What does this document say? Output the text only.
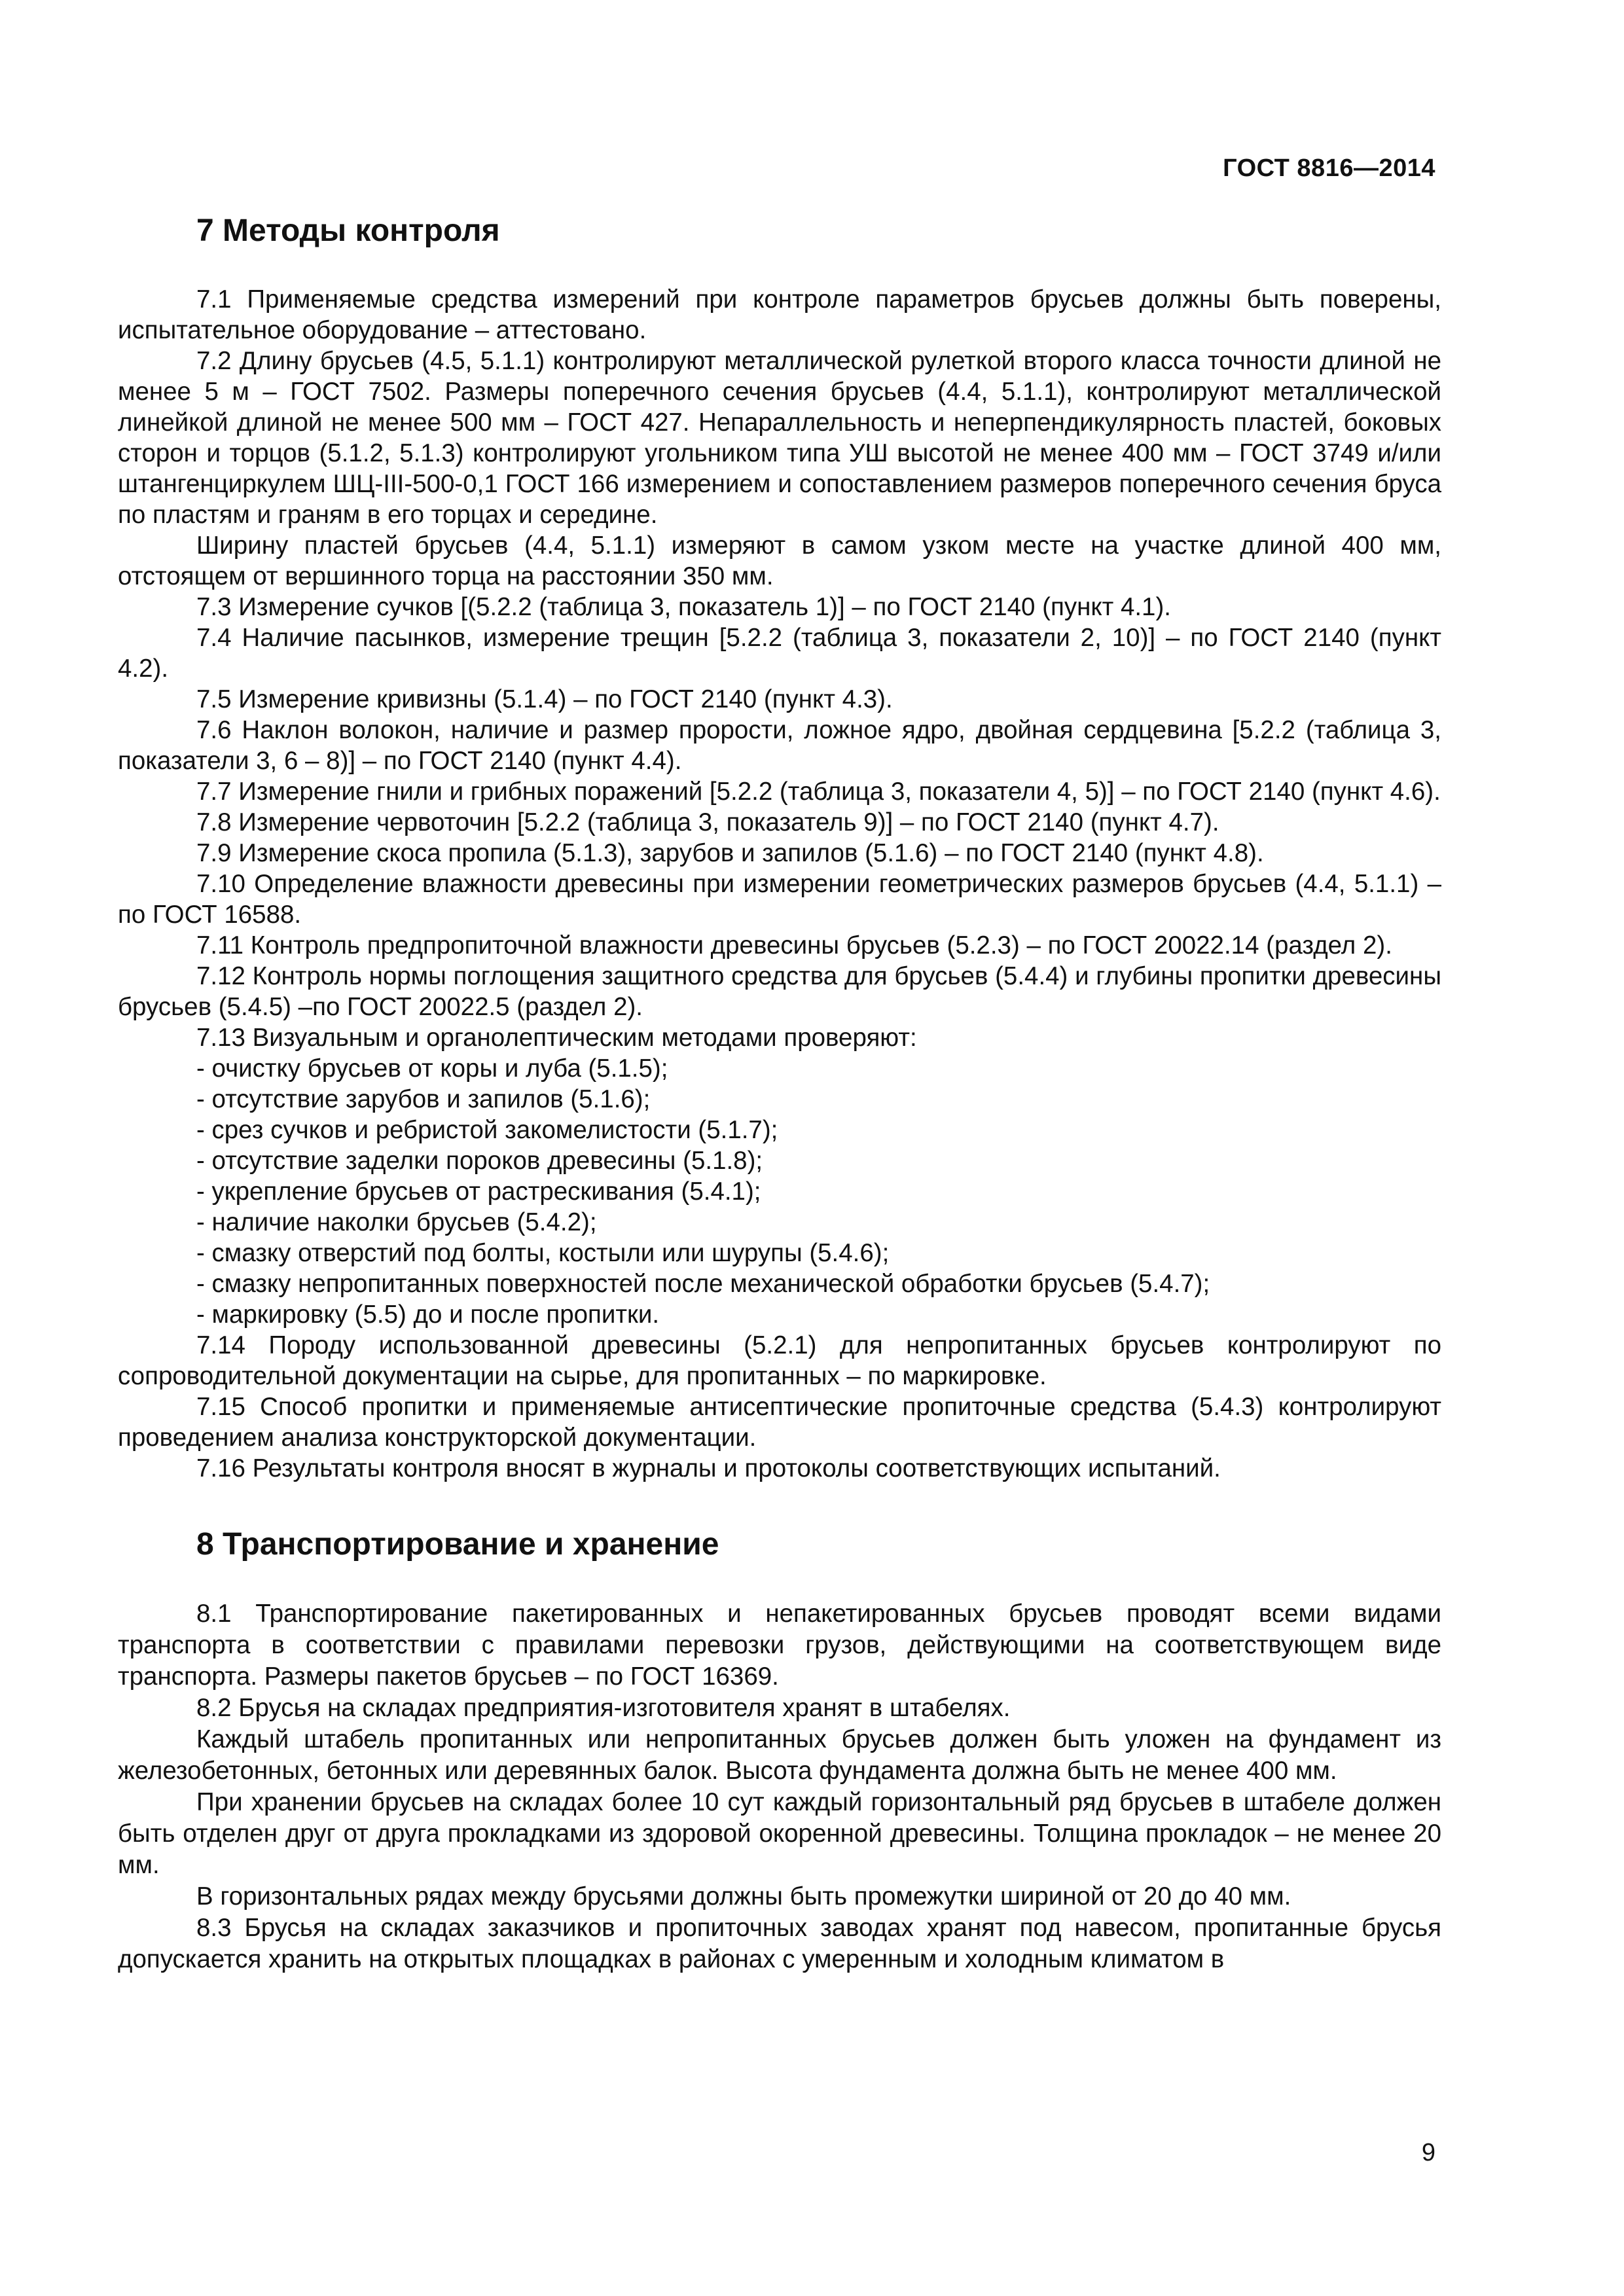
ГОСТ 8816—2014
7 Методы контроля

7.1 Применяемые средства измерений при контроле параметров брусьев должны быть поверены, испытательное оборудование – аттестовано.

7.2 Длину брусьев (4.5, 5.1.1) контролируют металлической рулеткой второго класса точности длиной не менее 5 м – ГОСТ 7502. Размеры поперечного сечения брусьев (4.4, 5.1.1), контролируют металлической линейкой длиной не менее 500 мм – ГОСТ 427. Непараллельность и неперпендикулярность пластей, боковых сторон и торцов (5.1.2, 5.1.3) контролируют угольником типа УШ высотой не менее 400 мм – ГОСТ 3749 и/или штангенциркулем ШЦ-III-500-0,1 ГОСТ 166 измерением и сопоставлением размеров поперечного сечения бруса по пластям и граням в его торцах и середине.

Ширину пластей брусьев (4.4, 5.1.1) измеряют в самом узком месте на участке длиной 400 мм, отстоящем от вершинного торца на расстоянии 350 мм.

7.3 Измерение сучков [(5.2.2 (таблица 3, показатель 1)] – по ГОСТ 2140 (пункт 4.1).

7.4 Наличие пасынков, измерение трещин [5.2.2 (таблица 3, показатели 2, 10)] – по ГОСТ 2140 (пункт 4.2).

7.5 Измерение кривизны (5.1.4) – по ГОСТ 2140 (пункт 4.3).

7.6 Наклон волокон, наличие и размер прорости, ложное ядро, двойная сердцевина [5.2.2 (таблица 3, показатели 3, 6 – 8)] – по ГОСТ 2140 (пункт 4.4).

7.7 Измерение гнили и грибных поражений [5.2.2 (таблица 3, показатели 4, 5)] – по ГОСТ 2140 (пункт 4.6).

7.8 Измерение червоточин [5.2.2 (таблица 3, показатель 9)] – по ГОСТ 2140 (пункт 4.7).

7.9 Измерение скоса пропила (5.1.3), зарубов и запилов (5.1.6) – по ГОСТ 2140 (пункт 4.8).

7.10 Определение влажности древесины при измерении геометрических размеров брусьев (4.4, 5.1.1) – по ГОСТ 16588.

7.11 Контроль предпропиточной влажности древесины брусьев (5.2.3) – по ГОСТ 20022.14 (раздел 2).

7.12 Контроль нормы поглощения защитного средства для брусьев (5.4.4) и глубины пропитки древесины брусьев (5.4.5) –по ГОСТ 20022.5 (раздел 2).

7.13 Визуальным и органолептическим методами проверяют:

- очистку брусьев от коры и луба (5.1.5);

- отсутствие зарубов и запилов (5.1.6);

- срез сучков и ребристой закомелистости (5.1.7);

- отсутствие заделки пороков древесины (5.1.8);

- укрепление брусьев от растрескивания (5.4.1);

- наличие наколки брусьев (5.4.2);

- смазку отверстий под болты, костыли или шурупы (5.4.6);

- смазку непропитанных поверхностей после механической обработки брусьев (5.4.7);

- маркировку (5.5) до и после пропитки.

7.14 Породу использованной древесины (5.2.1) для непропитанных брусьев контролируют по сопроводительной документации на сырье, для пропитанных – по маркировке.

7.15 Способ пропитки и применяемые антисептические пропиточные средства (5.4.3) контролируют проведением анализа конструкторской документации.

7.16 Результаты контроля вносят в журналы и протоколы соответствующих испытаний.

8 Транспортирование и хранение

8.1 Транспортирование пакетированных и непакетированных брусьев проводят всеми видами транспорта в соответствии с правилами перевозки грузов, действующими на соответствующем виде транспорта. Размеры пакетов брусьев – по ГОСТ 16369.

8.2 Брусья на складах предприятия-изготовителя хранят в штабелях.

Каждый штабель пропитанных или непропитанных брусьев должен быть уложен на фундамент из железобетонных, бетонных или деревянных балок. Высота фундамента должна быть не менее 400 мм.

При хранении брусьев на складах более 10 сут каждый горизонтальный ряд брусьев в штабеле должен быть отделен друг от друга прокладками из здоровой окоренной древесины. Толщина прокладок – не менее 20 мм.

В горизонтальных рядах между брусьями должны быть промежутки шириной от 20 до 40 мм.

8.3 Брусья на складах заказчиков и пропиточных заводах хранят под навесом, пропитанные брусья допускается хранить на открытых площадках в районах с умеренным и холодным климатом в

9
